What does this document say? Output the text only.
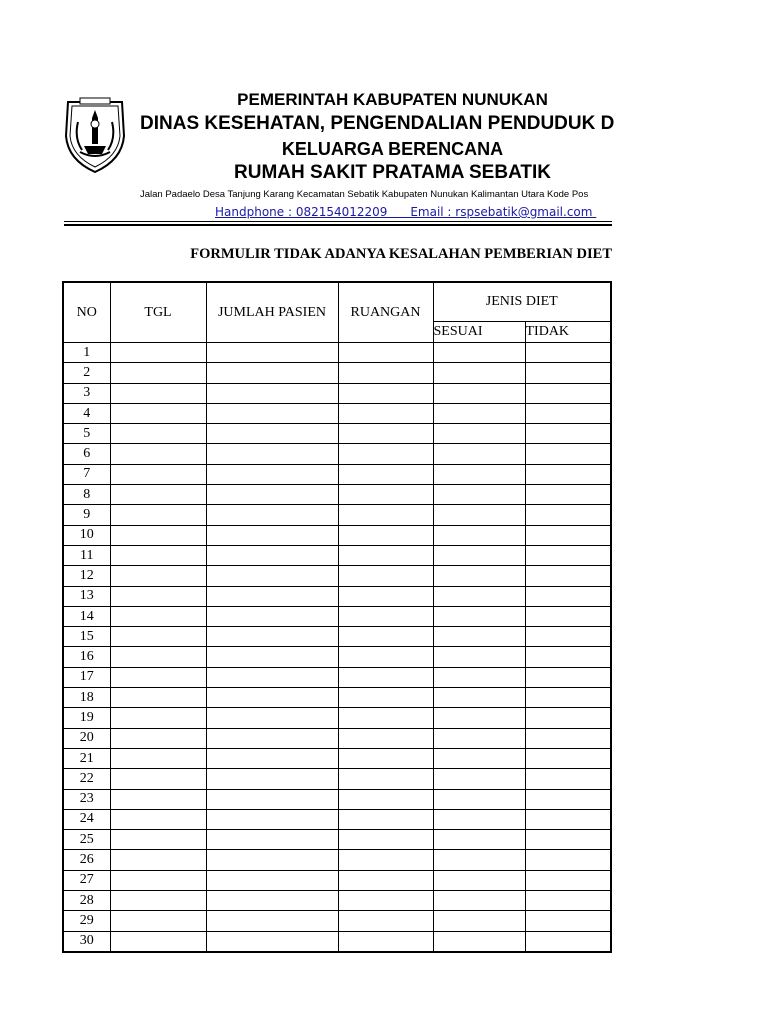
PEMERINTAH KABUPATEN NUNUKAN
DINAS KESEHATAN, PENGENDALIAN PENDUDUK D
KELUARGA BERENCANA
RUMAH SAKIT PRATAMA SEBATIK
Jalan Padaelo Desa Tanjung Karang Kecamatan Sebatik Kabupaten Nunukan Kalimantan Utara Kode Pos
Handphone : 082154012209      Email : rspsebatik@gmail.com
FORMULIR TIDAK ADANYA KESALAHAN PEMBERIAN DIET
NO	TGL	JUMLAH PASIEN	RUANGAN	JENIS DIET	
				SESUAI	TIDAK
1					
2					
3					
4					
5					
6					
7					
8					
9					
10					
11					
12					
13					
14					
15					
16					
17					
18					
19					
20					
21					
22					
23					
24					
25					
26					
27					
28					
29					
30					
